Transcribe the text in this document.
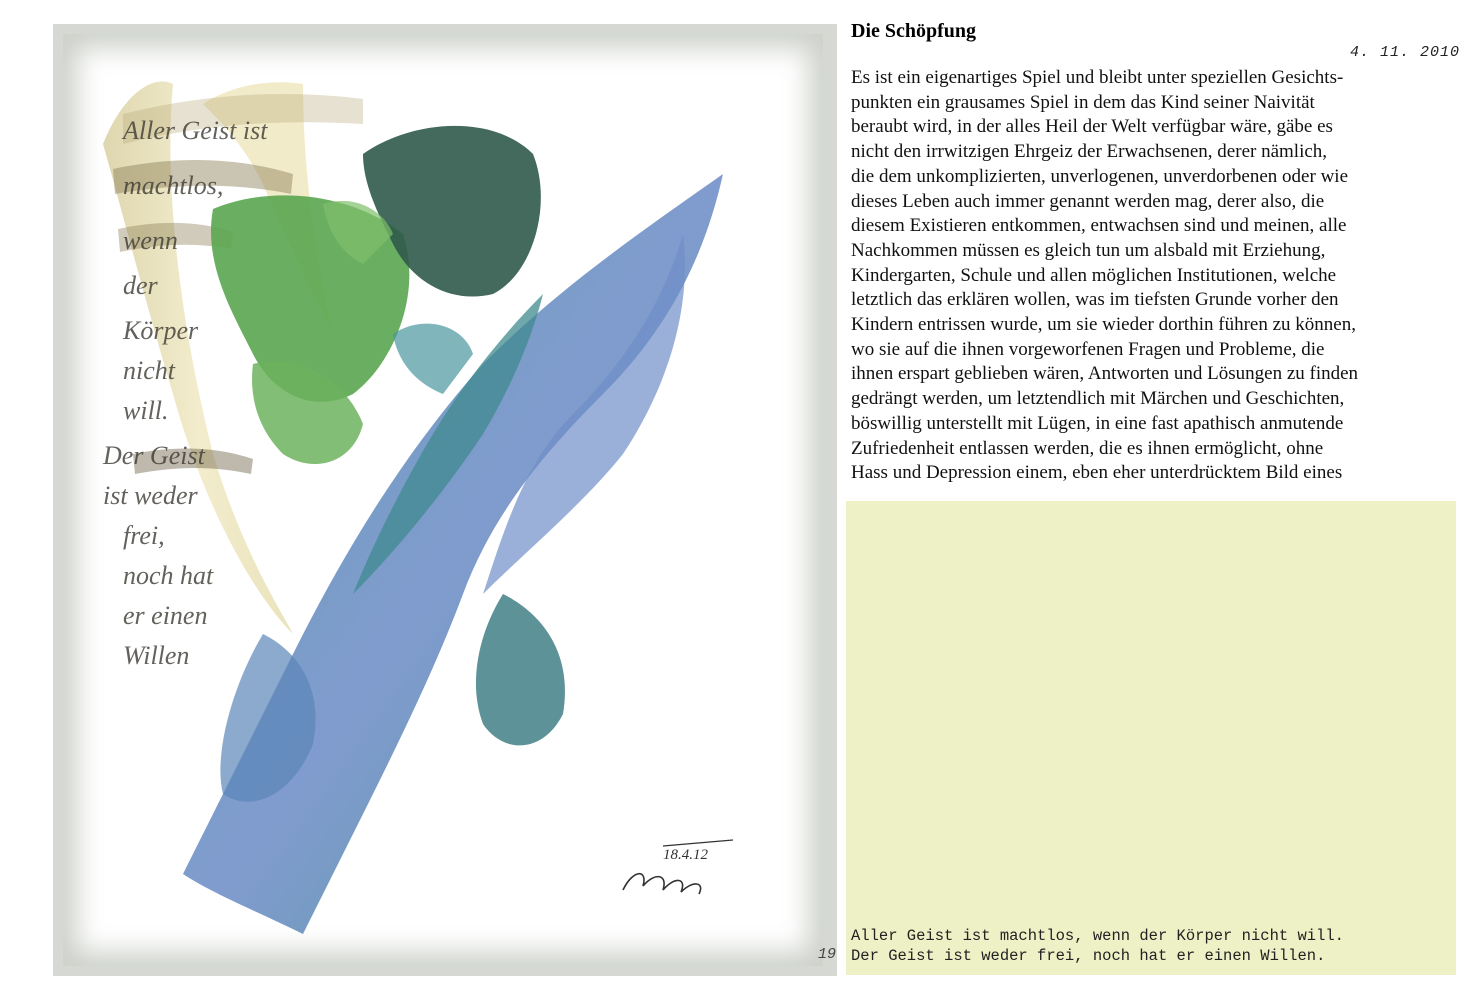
Aller Geist ist
machtlos,
wenn
der
Körper
nicht
will.
Der Geist
ist weder
frei,
noch hat
er einen
Willen
18.4.12
19
Die Schöpfung
4. 11. 2010
Es ist ein eigenartiges Spiel und bleibt unter speziellen Gesichts-
punkten ein grausames Spiel in dem das Kind seiner Naivität
beraubt wird, in der alles Heil der Welt verfügbar wäre, gäbe es
nicht den irrwitzigen Ehrgeiz der Erwachsenen, derer nämlich,
die dem unkomplizierten, unverlogenen, unverdorbenen oder wie
dieses Leben auch immer genannt werden mag, derer also, die
diesem Existieren entkommen, entwachsen sind und meinen, alle
Nachkommen müssen es gleich tun um alsbald mit Erziehung,
Kindergarten, Schule und allen möglichen Institutionen, welche
letztlich das erklären wollen, was im tiefsten Grunde vorher den
Kindern entrissen wurde, um sie wieder dorthin führen zu können,
wo sie auf die ihnen vorgeworfenen Fragen und Probleme, die
ihnen erspart geblieben wären, Antworten und Lösungen zu finden
gedrängt werden, um letztendlich mit Märchen und Geschichten,
böswillig unterstellt mit Lügen, in eine fast apathisch anmutende
Zufriedenheit entlassen werden, die es ihnen ermöglicht, ohne
Hass und Depression einem, eben eher unterdrücktem Bild eines
Aller Geist ist machtlos, wenn der Körper nicht will.
Der Geist ist weder frei, noch hat er einen Willen.
